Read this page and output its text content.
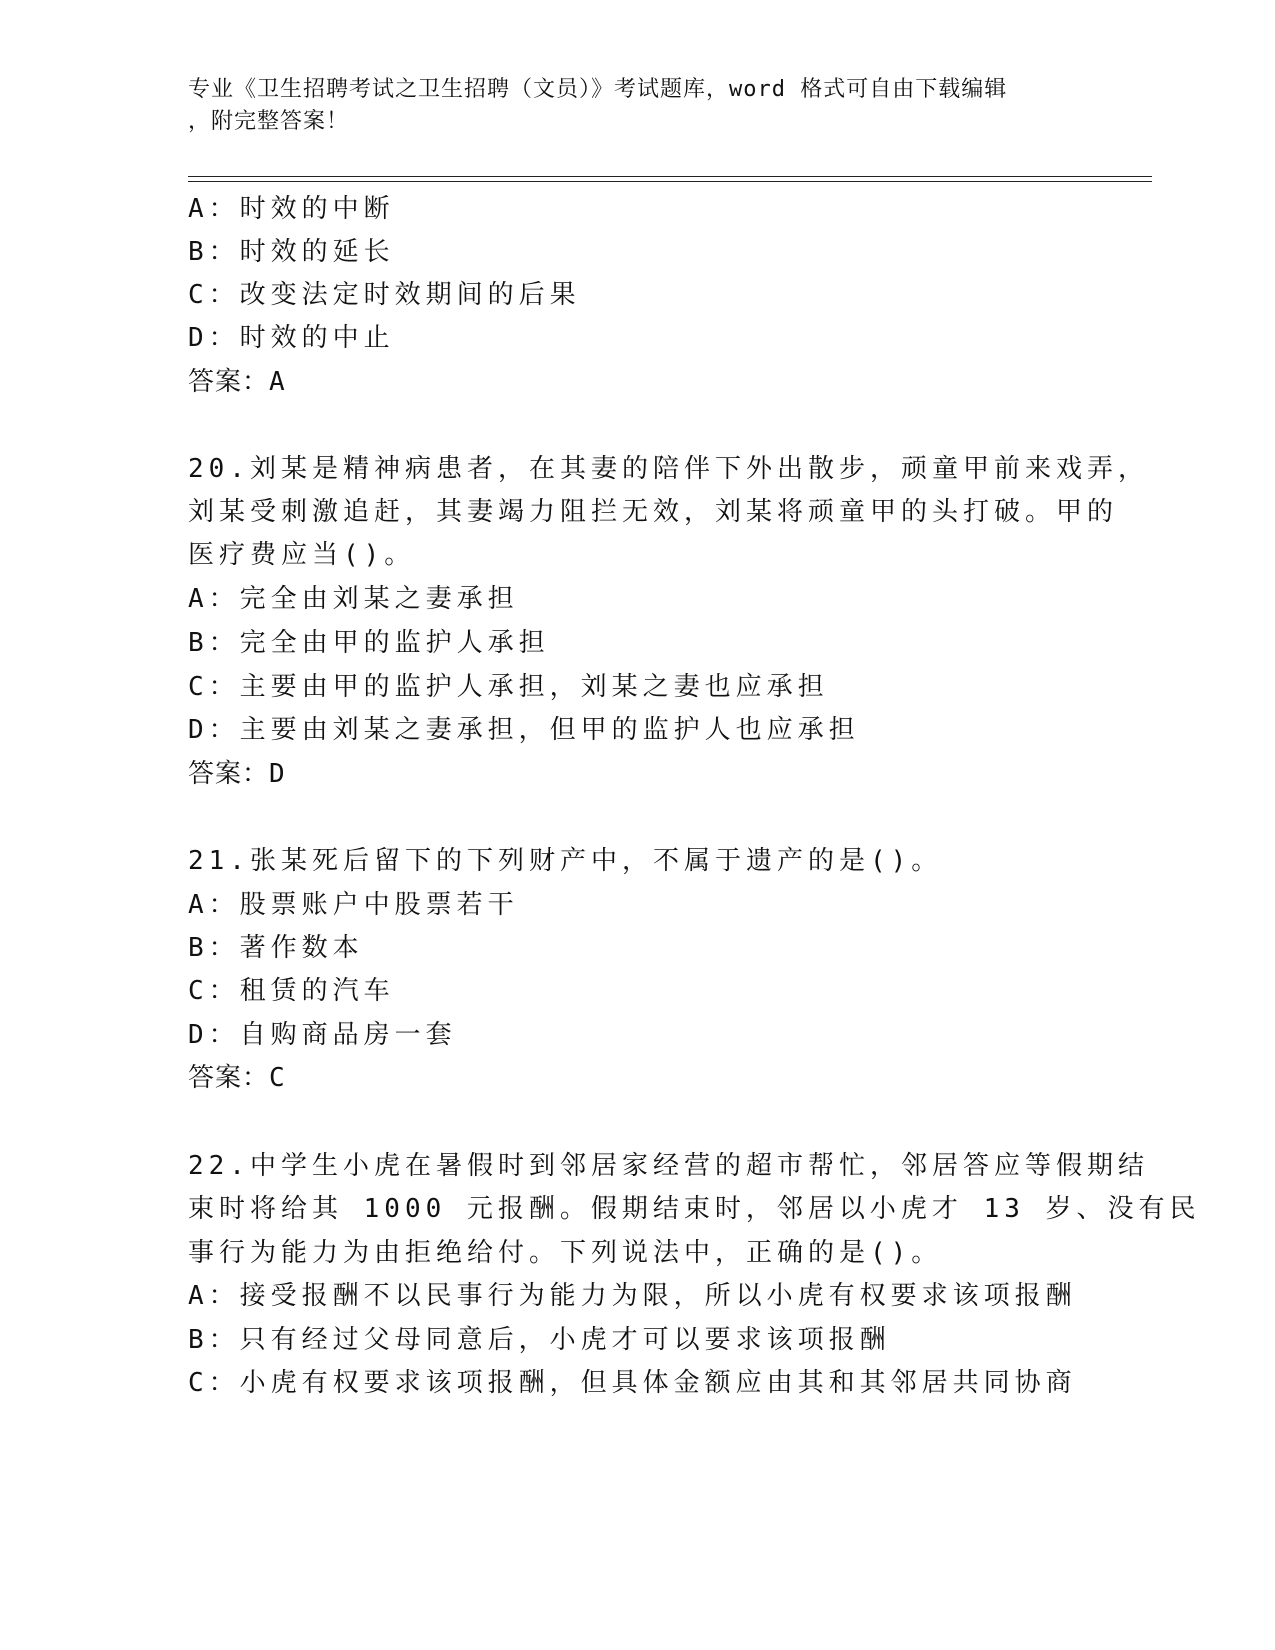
专业《卫生招聘考试之卫生招聘（文员）》考试题库，word 格式可自由下载编辑
，附完整答案！
A：时效的中断
B：时效的延长
C：改变法定时效期间的后果
D：时效的中止
答案：A
20.刘某是精神病患者，在其妻的陪伴下外出散步，顽童甲前来戏弄，
刘某受刺激追赶，其妻竭力阻拦无效，刘某将顽童甲的头打破。甲的
医疗费应当()。
A：完全由刘某之妻承担
B：完全由甲的监护人承担
C：主要由甲的监护人承担，刘某之妻也应承担
D：主要由刘某之妻承担，但甲的监护人也应承担
答案：D
21.张某死后留下的下列财产中，不属于遗产的是()。
A：股票账户中股票若干
B：著作数本
C：租赁的汽车
D：自购商品房一套
答案：C
22.中学生小虎在暑假时到邻居家经营的超市帮忙，邻居答应等假期结
束时将给其 1000 元报酬。假期结束时，邻居以小虎才 13 岁、没有民
事行为能力为由拒绝给付。下列说法中，正确的是()。
A：接受报酬不以民事行为能力为限，所以小虎有权要求该项报酬
B：只有经过父母同意后，小虎才可以要求该项报酬
C：小虎有权要求该项报酬，但具体金额应由其和其邻居共同协商
